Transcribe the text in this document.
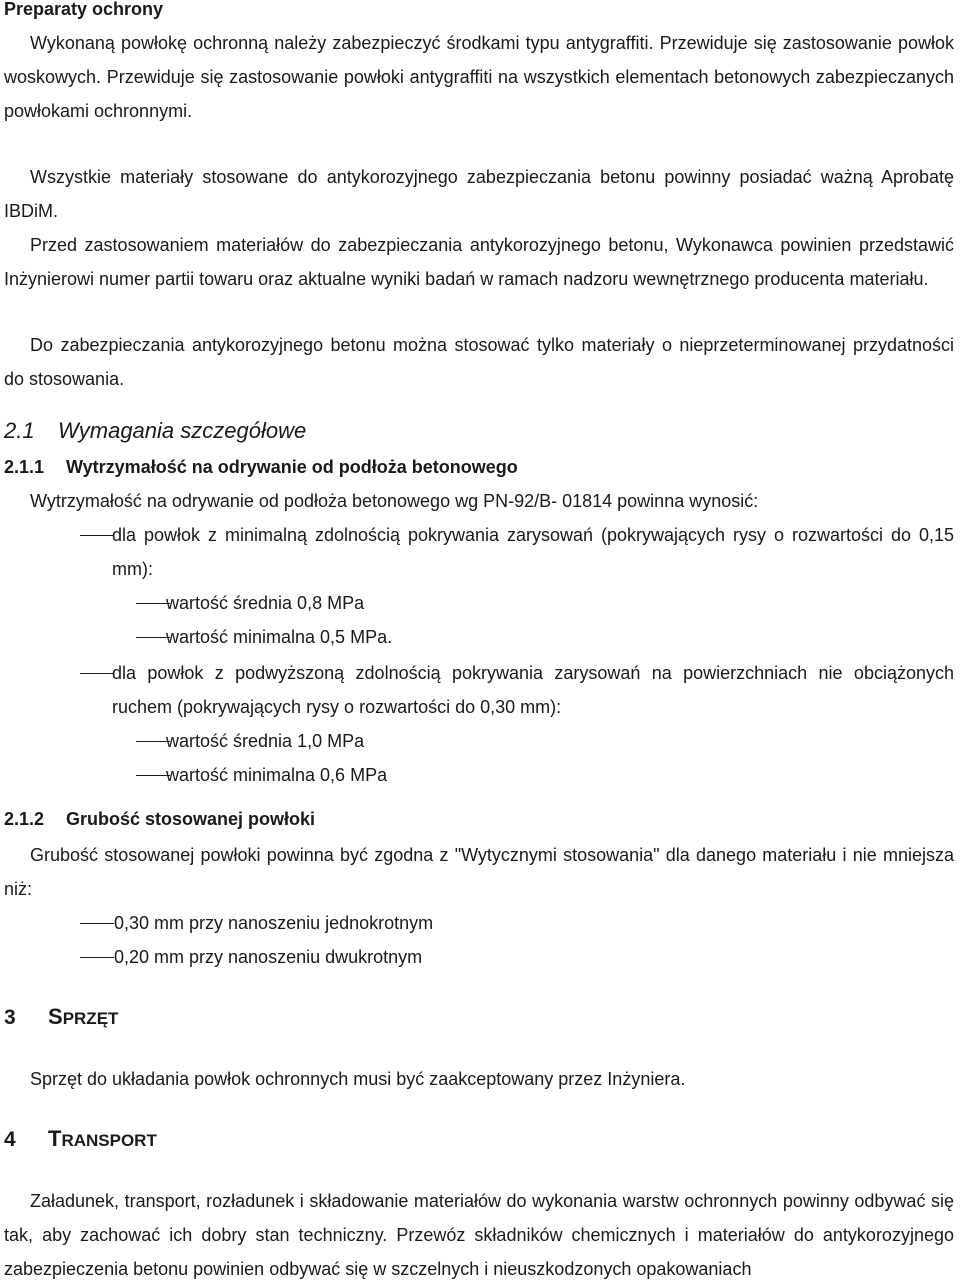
Preparaty ochrony

Wykonaną powłokę ochronną należy zabezpieczyć środkami typu antygraffiti. Przewiduje się zastosowanie powłok woskowych. Przewiduje się zastosowanie powłoki antygraffiti na wszystkich elementach betonowych zabezpieczanych powłokami ochronnymi.

Wszystkie materiały stosowane do antykorozyjnego zabezpieczania betonu powinny posiadać ważną Aprobatę IBDiM.

Przed zastosowaniem materiałów do zabezpieczania antykorozyjnego betonu, Wykonawca powinien przedstawić Inżynierowi numer partii towaru oraz aktualne wyniki badań w ramach nadzoru wewnętrznego producenta materiału.

Do zabezpieczania antykorozyjnego betonu można stosować tylko materiały o nieprzeterminowanej przydatności do stosowania.

2.1 Wymagania szczegółowe

2.1.1 Wytrzymałość na odrywanie od podłoża betonowego

Wytrzymałość na odrywanie od podłoża betonowego wg PN-92/B- 01814 powinna wynosić:

dla powłok z minimalną zdolnością pokrywania zarysowań (pokrywających rysy o rozwartości do 0,15 mm):
wartość średnia 0,8 MPa
wartość minimalna 0,5 MPa.
dla powłok z podwyższoną zdolnością pokrywania zarysowań na powierzchniach nie obciążonych ruchem (pokrywających rysy o rozwartości do 0,30 mm):
wartość średnia 1,0 MPa
wartość minimalna 0,6 MPa

2.1.2 Grubość stosowanej powłoki

Grubość stosowanej powłoki powinna być zgodna z "Wytycznymi stosowania" dla danego materiału i nie mniejsza niż:

0,30 mm przy nanoszeniu jednokrotnym
0,20 mm przy nanoszeniu dwukrotnym

3 SPRZĘT

Sprzęt do układania powłok ochronnych musi być zaakceptowany przez Inżyniera.

4 TRANSPORT

Załadunek, transport, rozładunek i składowanie materiałów do wykonania warstw ochronnych powinny odbywać się tak, aby zachować ich dobry stan techniczny. Przewóz składników chemicznych i materiałów do antykorozyjnego zabezpieczenia betonu powinien odbywać się w szczelnych i nieuszkodzonych opakowaniach
